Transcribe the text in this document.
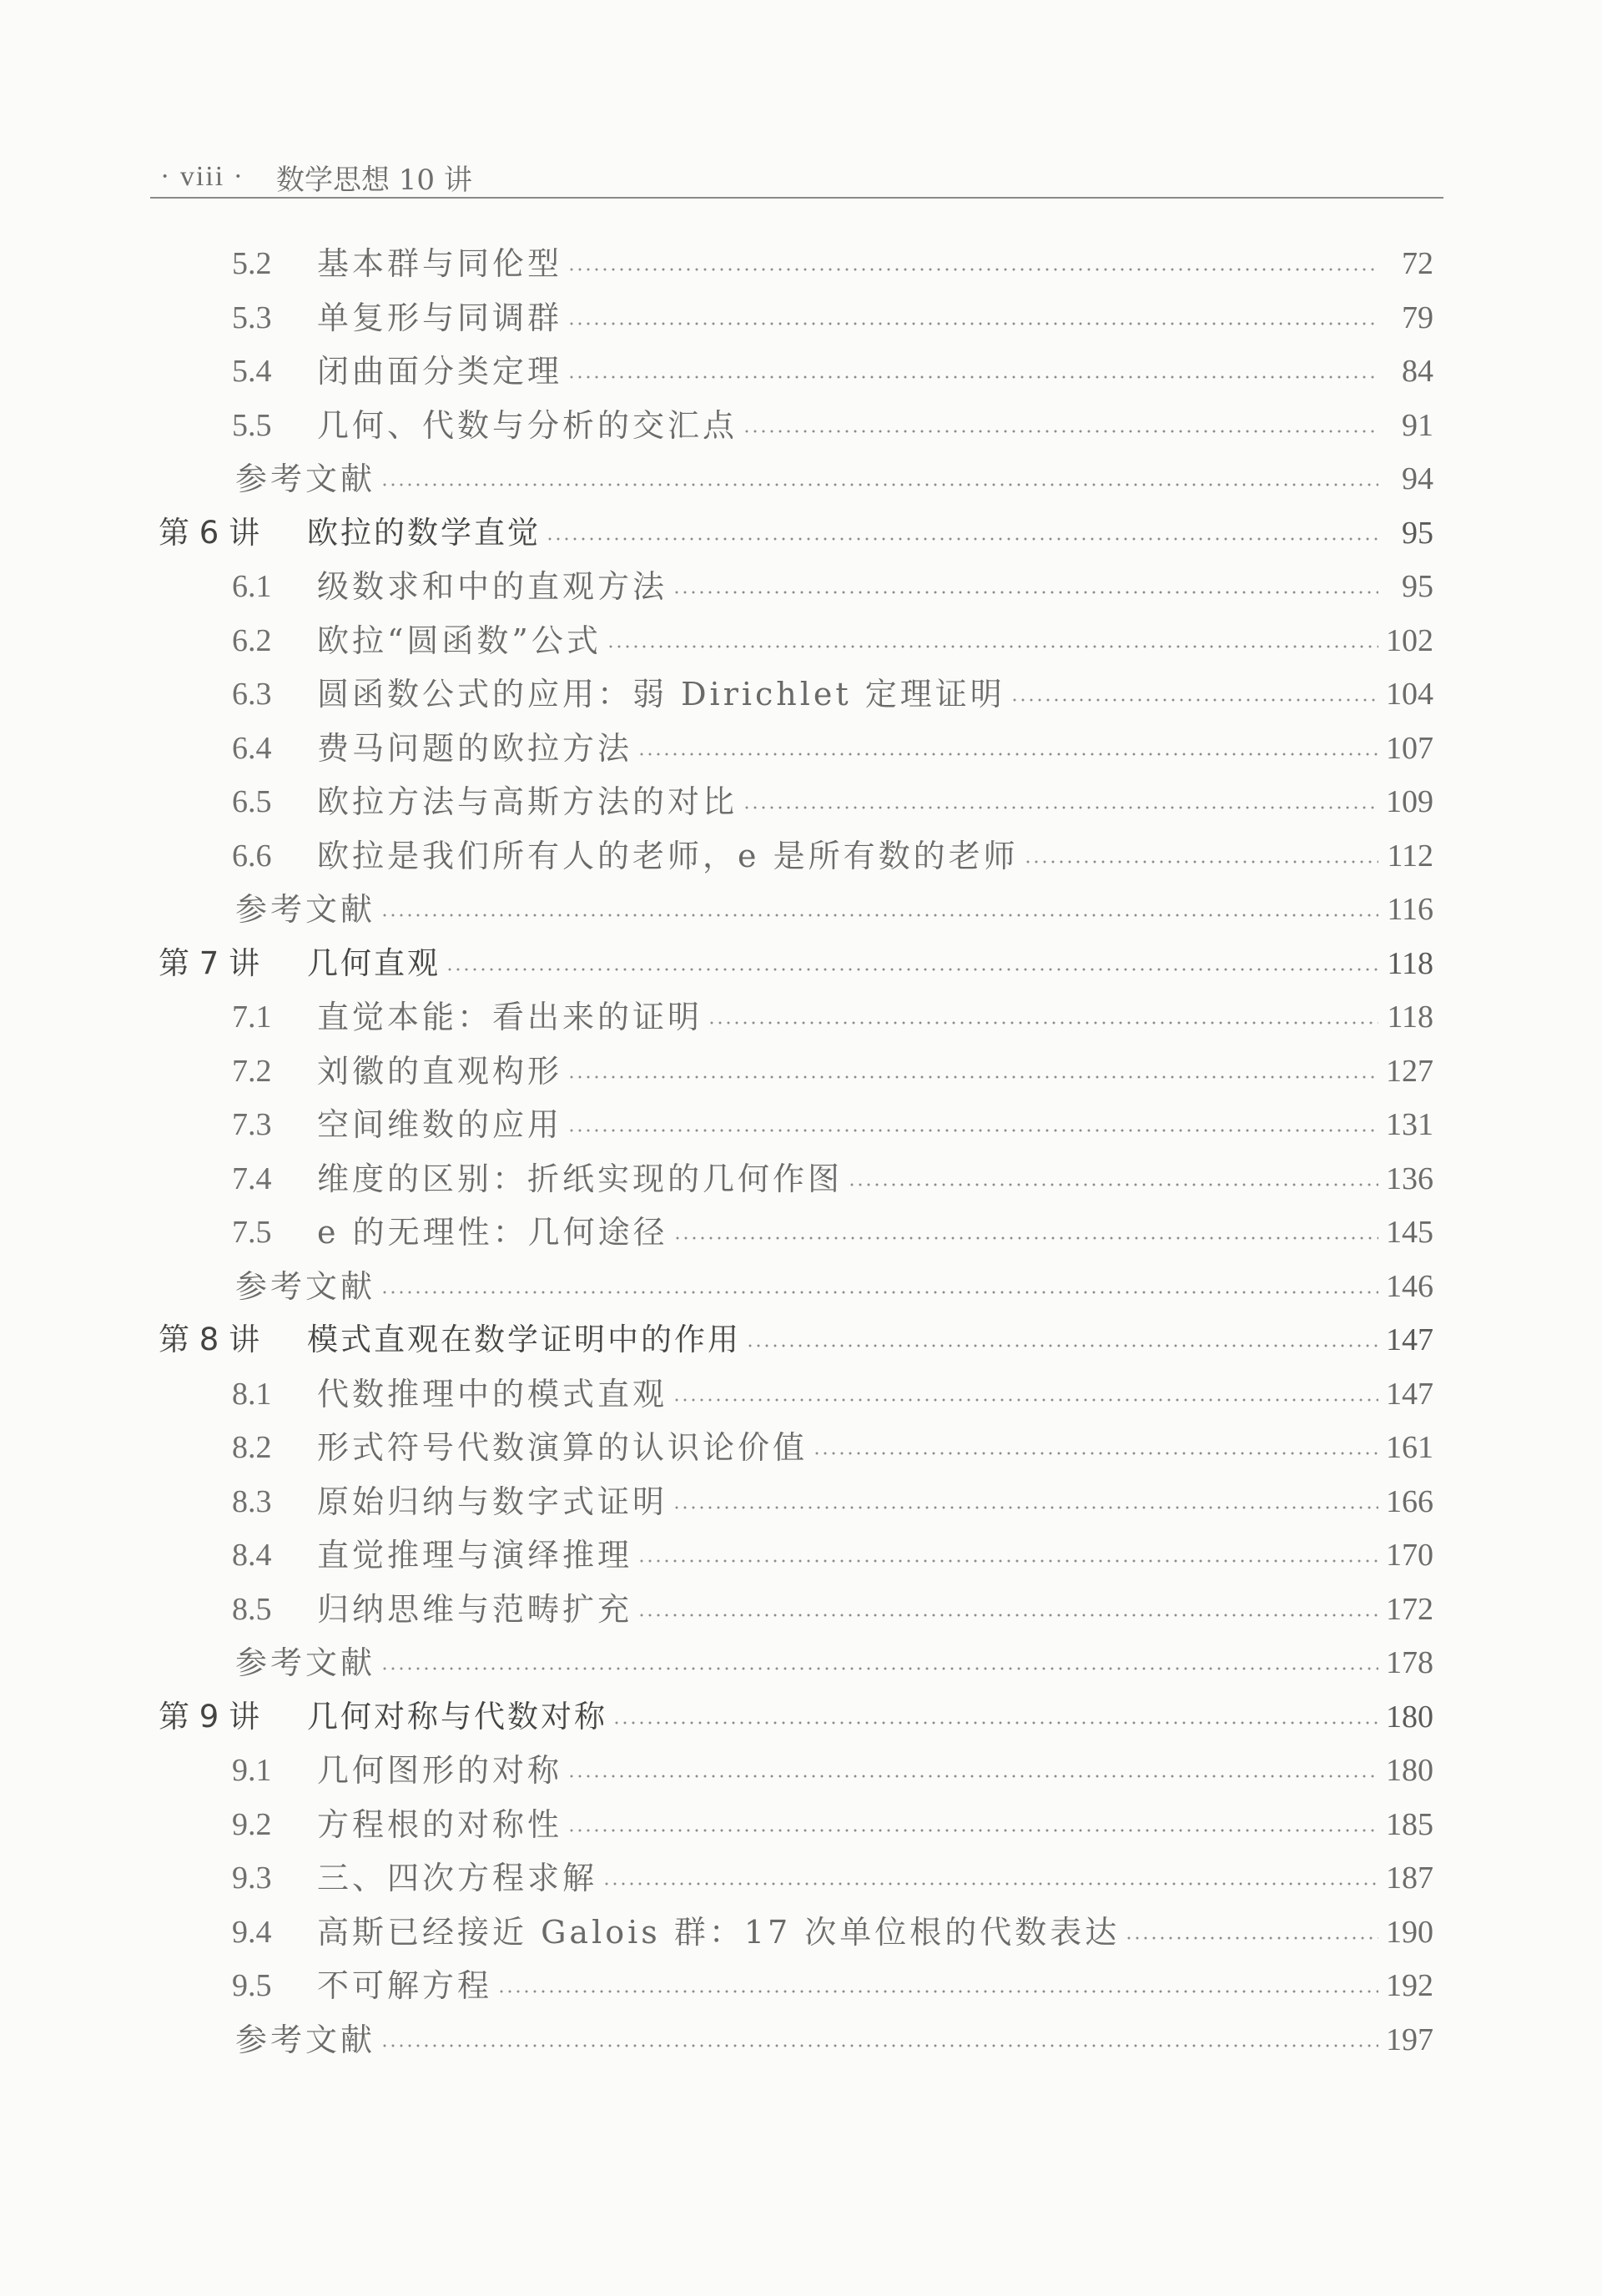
· viii · 数学思想 10 讲
5.2	基本群与同伦型	72
5.3	单复形与同调群	79
5.4	闭曲面分类定理	84
5.5	几何、代数与分析的交汇点	91
参考文献	94
第 6 讲	欧拉的数学直觉	95
6.1	级数求和中的直观方法	95
6.2	欧拉“圆函数”公式	102
6.3	圆函数公式的应用：弱 Dirichlet 定理证明	104
6.4	费马问题的欧拉方法	107
6.5	欧拉方法与高斯方法的对比	109
6.6	欧拉是我们所有人的老师，e 是所有数的老师	112
参考文献	116
第 7 讲	几何直观	118
7.1	直觉本能：看出来的证明	118
7.2	刘徽的直观构形	127
7.3	空间维数的应用	131
7.4	维度的区别：折纸实现的几何作图	136
7.5	e 的无理性：几何途径	145
参考文献	146
第 8 讲	模式直观在数学证明中的作用	147
8.1	代数推理中的模式直观	147
8.2	形式符号代数演算的认识论价值	161
8.3	原始归纳与数字式证明	166
8.4	直觉推理与演绎推理	170
8.5	归纳思维与范畴扩充	172
参考文献	178
第 9 讲	几何对称与代数对称	180
9.1	几何图形的对称	180
9.2	方程根的对称性	185
9.3	三、四次方程求解	187
9.4	高斯已经接近 Galois 群：17 次单位根的代数表达	190
9.5	不可解方程	192
参考文献	197
